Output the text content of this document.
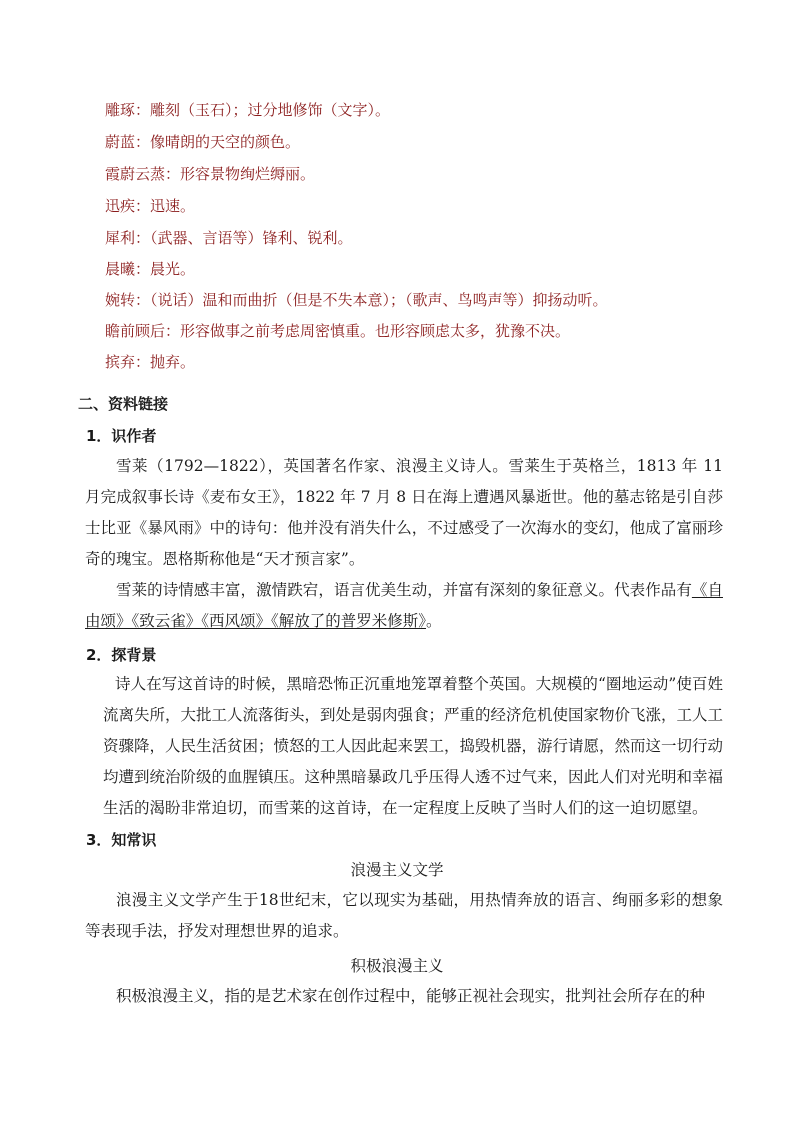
雕琢：雕刻（玉石）；过分地修饰（文字）。
蔚蓝：像晴朗的天空的颜色。
霞蔚云蒸：形容景物绚烂缛丽。
迅疾：迅速。
犀利：（武器、言语等）锋利、锐利。
晨曦：晨光。
婉转：（说话）温和而曲折（但是不失本意）；（歌声、鸟鸣声等）抑扬动听。
瞻前顾后：形容做事之前考虑周密慎重。也形容顾虑太多，犹豫不决。
摈弃：抛弃。
二、资料链接
1．识作者
雪莱（1792—1822），英国著名作家、浪漫主义诗人。雪莱生于英格兰，1813 年 11 月完成叙事长诗《麦布女王》，1822 年 7 月 8 日在海上遭遇风暴逝世。他的墓志铭是引自莎士比亚《暴风雨》中的诗句：他并没有消失什么，不过感受了一次海水的变幻，他成了富丽珍奇的瑰宝。恩格斯称他是“天才预言家”。
雪莱的诗情感丰富，激情跌宕，语言优美生动，并富有深刻的象征意义。代表作品有《自由颂》《致云雀》《西风颂》《解放了的普罗米修斯》。
2．探背景
诗人在写这首诗的时候，黑暗恐怖正沉重地笼罩着整个英国。大规模的“圈地运动”使百姓流离失所，大批工人流落街头，到处是弱肉强食；严重的经济危机使国家物价飞涨，工人工资骤降，人民生活贫困；愤怒的工人因此起来罢工，捣毁机器，游行请愿，然而这一切行动均遭到统治阶级的血腥镇压。这种黑暗暴政几乎压得人透不过气来，因此人们对光明和幸福生活的渴盼非常迫切，而雪莱的这首诗，在一定程度上反映了当时人们的这一迫切愿望。
3．知常识
浪漫主义文学
浪漫主义文学产生于18世纪末，它以现实为基础，用热情奔放的语言、绚丽多彩的想象等表现手法，抒发对理想世界的追求。
积极浪漫主义
积极浪漫主义，指的是艺术家在创作过程中，能够正视社会现实，批判社会所存在的种
